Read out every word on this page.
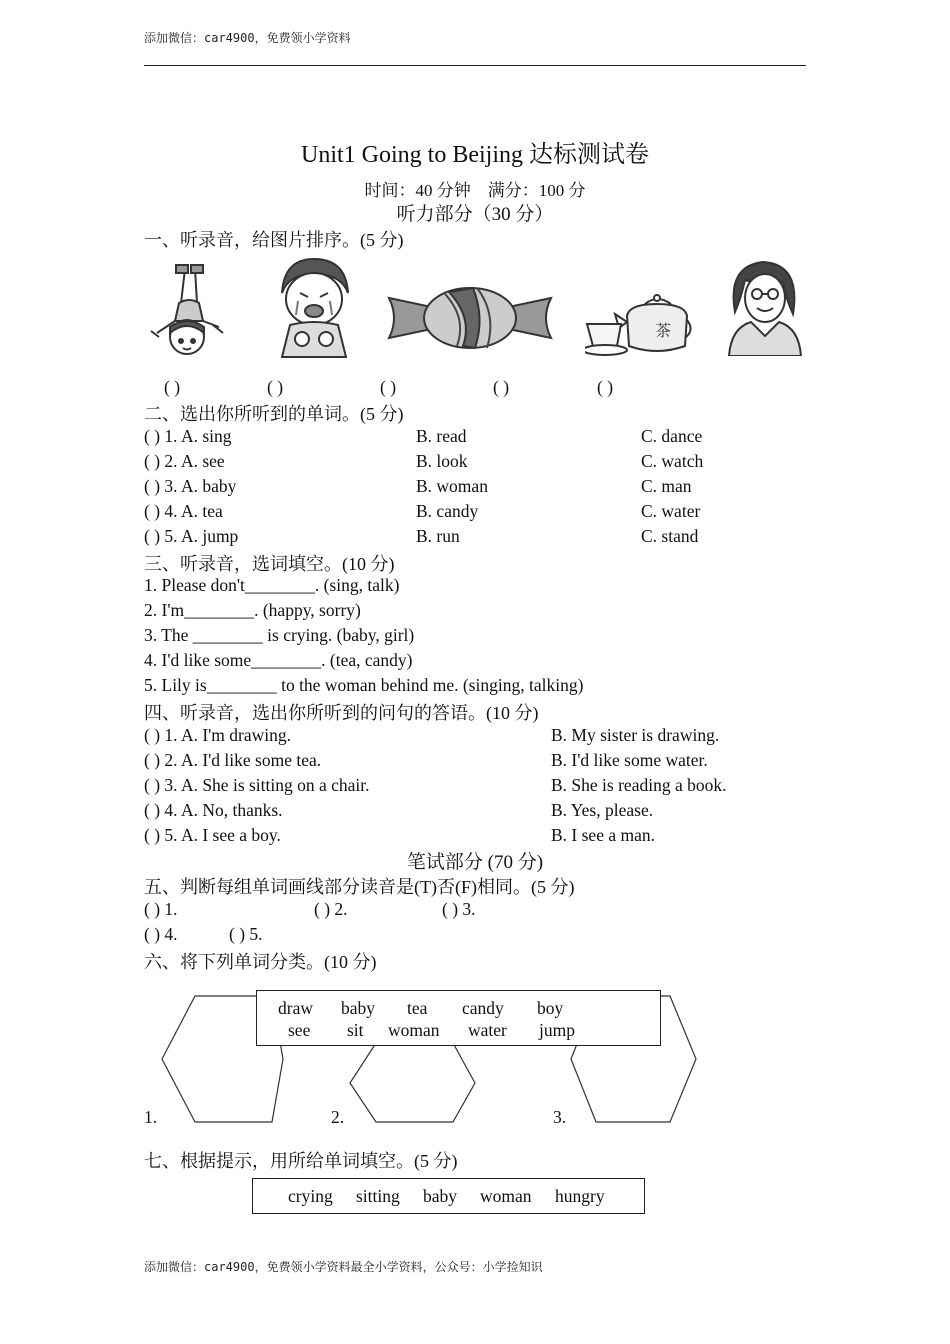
添加微信：car4900，免费领小学资料
Unit1 Going to Beijing 达标测试卷
时间：40 分钟　满分：100 分
听力部分（30 分）
一、听录音，给图片排序。(5 分)
茶
( )	( )	( )	( )	( )
二、选出你所听到的单词。(5 分)
( ) 1. A. sing	B. read	C. dance
( ) 2. A. see	B. look	C. watch
( ) 3. A. baby	B. woman	C. man
( ) 4. A. tea	B. candy	C. water
( ) 5. A. jump	B. run	C. stand
三、听录音，选词填空。(10 分)
1. Please don't________. (sing, talk)
2. I'm________. (happy, sorry)
3. The ________ is crying. (baby, girl)
4. I'd like some________. (tea, candy)
5. Lily is________ to the woman behind me. (singing, talking)
四、听录音，选出你所听到的问句的答语。(10 分)
( ) 1. A. I'm drawing.	B. My sister is drawing.
( ) 2. A. I'd like some tea.	B. I'd like some water.
( ) 3. A. She is sitting on a chair.	B. She is reading a book.
( ) 4. A. No, thanks.	B. Yes, please.
( ) 5. A. I see a boy.	B. I see a man.
笔试部分 (70 分)
五、判断每组单词画线部分读音是(T)否(F)相同。(5 分)
( ) 1.	( ) 2.	( ) 3.
( ) 4.	( ) 5.
六、将下列单词分类。(10 分)
draw baby tea candy boy
see sit woman water jump
1.	2.	3.
七、根据提示，用所给单词填空。(5 分)
crying sitting baby woman hungry
添加微信：car4900，免费领小学资料最全小学资料，公众号：小学捡知识
